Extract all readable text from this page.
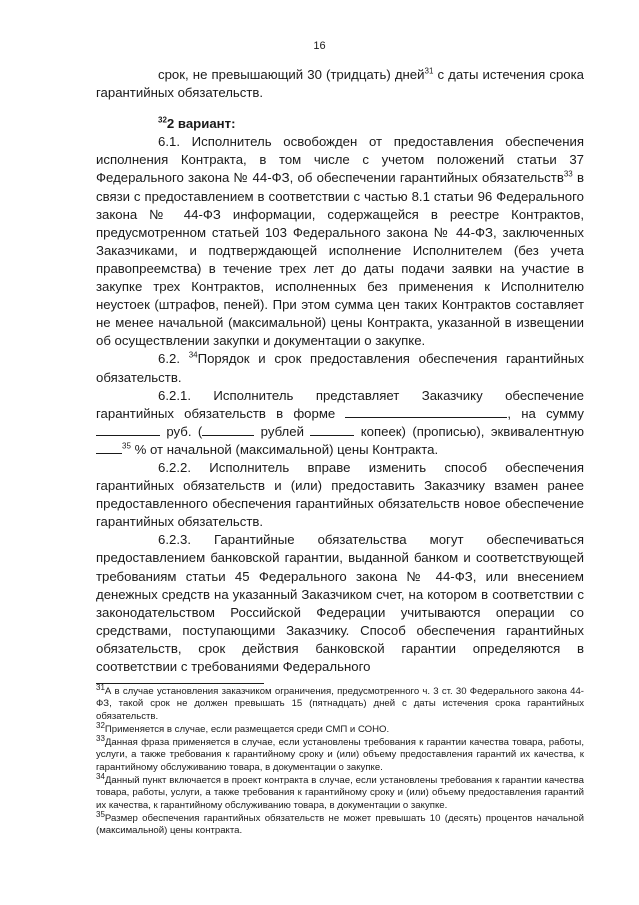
16

срок, не превышающий 30 (тридцать) дней$^{31}$ с даты истечения срока гарантийных обязательств.

$^{32}$2 вариант:

6.1. Исполнитель освобожден от предоставления обеспечения исполнения Контракта, в том числе с учетом положений статьи 37 Федерального закона № 44-ФЗ, об обеспечении гарантийных обязательств$^{33}$ в связи с предоставлением в соответствии с частью 8.1 статьи 96 Федерального закона № 44-ФЗ информации, содержащейся в реестре Контрактов, предусмотренном статьей 103 Федерального закона № 44-ФЗ, заключенных Заказчиками, и подтверждающей исполнение Исполнителем (без учета правопреемства) в течение трех лет до даты подачи заявки на участие в закупке трех Контрактов, исполненных без применения к Исполнителю неустоек (штрафов, пеней). При этом сумма цен таких Контрактов составляет не менее начальной (максимальной) цены Контракта, указанной в извещении об осуществлении закупки и документации о закупке.

6.2. $^{34}$Порядок и срок предоставления обеспечения гарантийных обязательств.

6.2.1. Исполнитель представляет Заказчику обеспечение гарантийных обязательств в форме	, на сумму  руб. (	рублей	копеек) (прописью), эквивалентную $^{35}$ % от начальной (максимальной) цены Контракта.

6.2.2. Исполнитель вправе изменить способ обеспечения гарантийных обязательств и (или) предоставить Заказчику взамен ранее предоставленного обеспечения гарантийных обязательств новое обеспечение гарантийных обязательств.

6.2.3. Гарантийные обязательства могут обеспечиваться предоставлением банковской гарантии, выданной банком и соответствующей требованиям статьи 45 Федерального закона № 44-ФЗ, или внесением денежных средств на указанный Заказчиком счет, на котором в соответствии с законодательством Российской Федерации учитываются операции со средствами, поступающими Заказчику. Способ обеспечения гарантийных обязательств, срок действия банковской гарантии определяются в соответствии с требованиями Федерального

$^{31}$А в случае установления заказчиком ограничения, предусмотренного ч. 3 ст. 30 Федерального закона 44-ФЗ, такой срок не должен превышать 15 (пятнадцать) дней с даты истечения срока гарантийных обязательств.

$^{32}$Применяется в случае, если размещается среди СМП и СОНО.

$^{33}$Данная фраза применяется в случае, если установлены требования к гарантии качества товара, работы, услуги, а также требования к гарантийному сроку и (или) объему предоставления гарантий их качества, к гарантийному обслуживанию товара, в документации о закупке.

$^{34}$Данный пункт включается в проект контракта в случае, если установлены требования к гарантии качества товара, работы, услуги, а также требования к гарантийному сроку и (или) объему предоставления гарантий их качества, к гарантийному обслуживанию товара, в документации о закупке.

$^{35}$Размер обеспечения гарантийных обязательств не может превышать 10 (десять) процентов начальной (максимальной) цены контракта.
